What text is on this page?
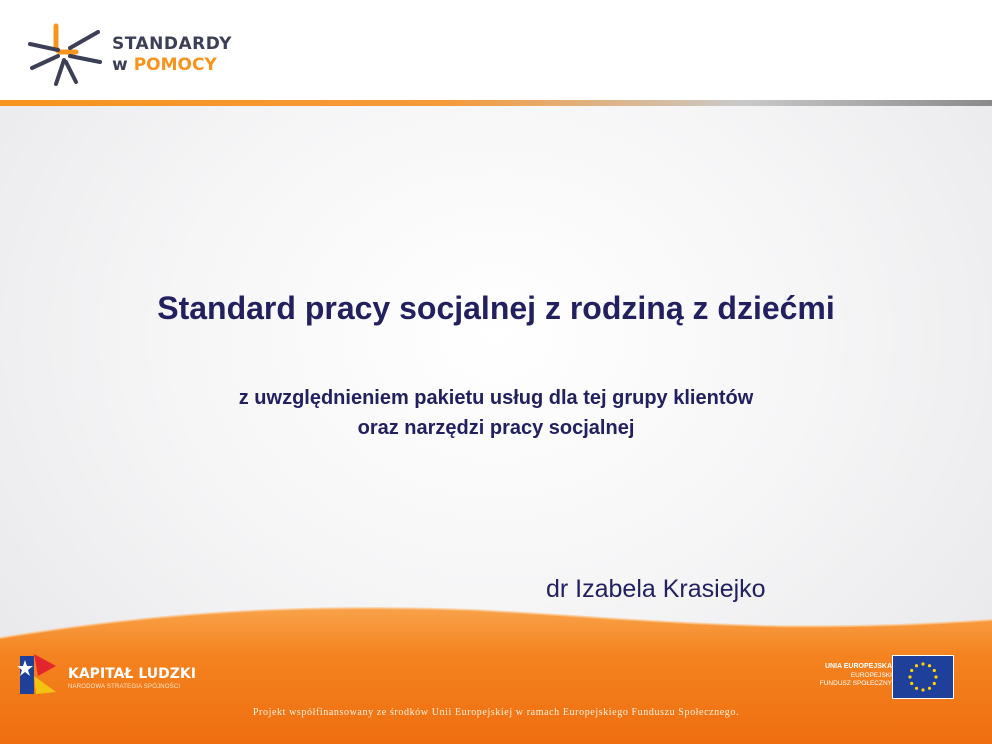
STANDARDY
w POMOCY
Standard pracy socjalnej z rodziną z dziećmi
z uwzględnieniem pakietu usług dla tej grupy klientów
oraz narzędzi pracy socjalnej
dr Izabela Krasiejko
KAPITAŁ LUDZKI
NARODOWA STRATEGIA SPÓJNOŚCI
UNIA EUROPEJSKA
EUROPEJSKI
FUNDUSZ SPOŁECZNY
Projekt współfinansowany ze środków Unii Europejskiej w ramach Europejskiego Funduszu Społecznego.
